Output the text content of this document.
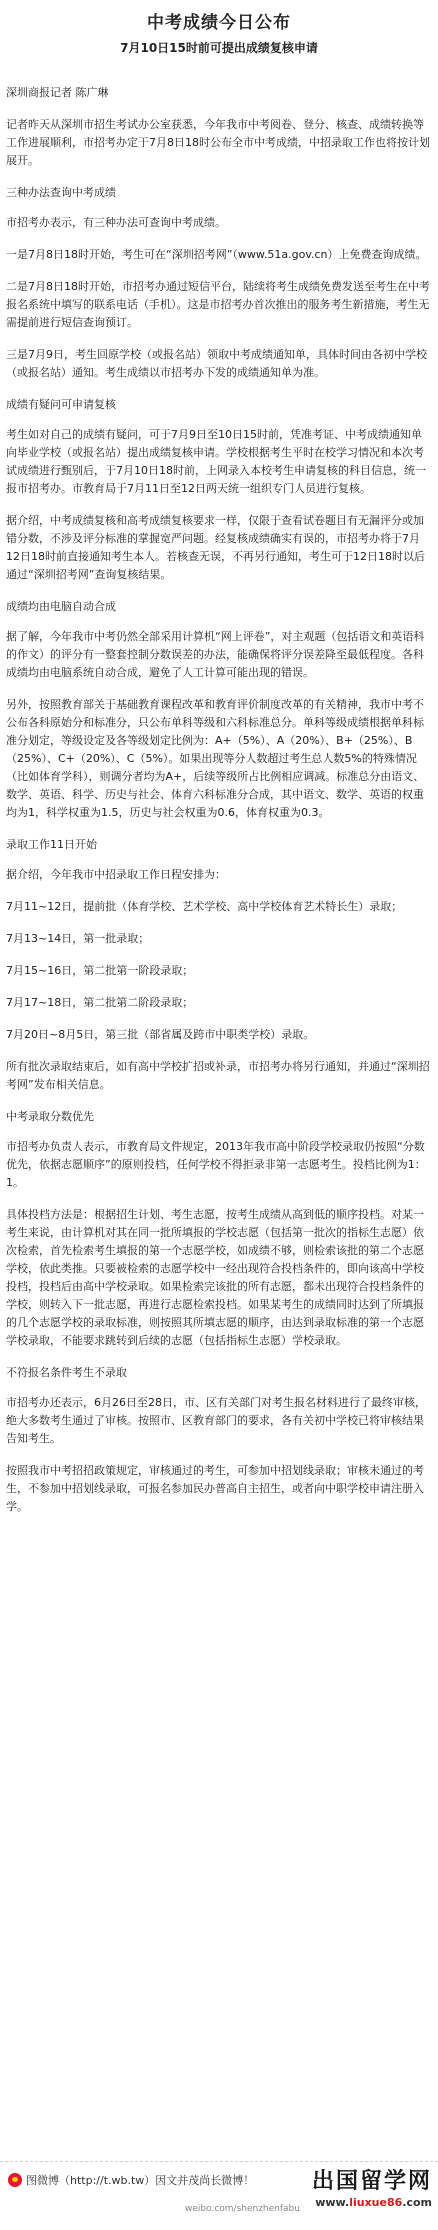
中考成绩今日公布
7月10日15时前可提出成绩复核申请
深圳商报记者 陈广琳
记者昨天从深圳市招生考试办公室获悉，今年我市中考阅卷、登分、核查、成绩转换等工作进展顺利，市招考办定于7月8日18时公布全市中考成绩，中招录取工作也将按计划展开。
三种办法查询中考成绩
市招考办表示，有三种办法可查询中考成绩。
一是7月8日18时开始，考生可在“深圳招考网”（www.51a.gov.cn）上免费查询成绩。
二是7月8日18时开始，市招考办通过短信平台，陆续将考生成绩免费发送至考生在中考报名系统中填写的联系电话（手机）。这是市招考办首次推出的服务考生新措施，考生无需提前进行短信查询预订。
三是7月9日，考生回原学校（或报名站）领取中考成绩通知单，具体时间由各初中学校（或报名站）通知。考生成绩以市招考办下发的成绩通知单为准。
成绩有疑问可申请复核
考生如对自己的成绩有疑问，可于7月9日至10日15时前，凭准考证、中考成绩通知单向毕业学校（或报名站）提出成绩复核申请。学校根据考生平时在校学习情况和本次考试成绩进行甄别后，于7月10日18时前，上网录入本校考生申请复核的科目信息，统一报市招考办。市教育局于7月11日至12日两天统一组织专门人员进行复核。
据介绍，中考成绩复核和高考成绩复核要求一样，仅限于查看试卷题目有无漏评分或加错分数，不涉及评分标准的掌握宽严问题。经复核成绩确实有误的，市招考办将于7月12日18时前直接通知考生本人。若核查无误，不再另行通知，考生可于12日18时以后通过“深圳招考网”查询复核结果。
成绩均由电脑自动合成
据了解，今年我市中考仍然全部采用计算机“网上评卷”，对主观题（包括语文和英语科的作文）的评分有一整套控制分数误差的办法，能确保将评分误差降至最低程度。各科成绩均由电脑系统自动合成，避免了人工计算可能出现的错误。
另外，按照教育部关于基础教育课程改革和教育评价制度改革的有关精神，我市中考不公布各科原始分和标准分，只公布单科等级和六科标准总分。单科等级成绩根据单科标准分划定，等级设定及各等级划定比例为：A+（5%）、A（20%）、B+（25%）、B（25%）、C+（20%）、C（5%）。如果出现等分人数超过考生总人数5%的特殊情况（比如体育学科），则调分者均为A+，后续等级所占比例相应调减。标准总分由语文、数学、英语、科学、历史与社会、体育六科标准分合成，其中语文、数学、英语的权重均为1，科学权重为1.5，历史与社会权重为0.6，体育权重为0.3。
录取工作11日开始
据介绍，今年我市中招录取工作日程安排为：
7月11~12日，提前批（体育学校、艺术学校、高中学校体育艺术特长生）录取；
7月13~14日，第一批录取；
7月15~16日，第二批第一阶段录取；
7月17~18日，第二批第二阶段录取；
7月20日~8月5日，第三批（部省属及跨市中职类学校）录取。
所有批次录取结束后，如有高中学校扩招或补录，市招考办将另行通知，并通过“深圳招考网”发布相关信息。
中考录取分数优先
市招考办负责人表示，市教育局文件规定，2013年我市高中阶段学校录取仍按照“分数优先，依据志愿顺序”的原则投档，任何学校不得拒录非第一志愿考生。投档比例为1：1。
具体投档方法是：根据招生计划、考生志愿，按考生成绩从高到低的顺序投档。对某一考生来说，由计算机对其在同一批所填报的学校志愿（包括第一批次的指标生志愿）依次检索，首先检索考生填报的第一个志愿学校，如成绩不够，则检索该批的第二个志愿学校，依此类推。只要被检索的志愿学校中一经出现符合投档条件的，即向该高中学校投档，投档后由高中学校录取。如果检索完该批的所有志愿，都未出现符合投档条件的学校，则转入下一批志愿，再进行志愿检索投档。如果某考生的成绩同时达到了所填报的几个志愿学校的录取标准，则按照其所填志愿的顺序，由达到录取标准的第一个志愿学校录取，不能要求跳转到后续的志愿（包括指标生志愿）学校录取。
不符报名条件考生不录取
市招考办还表示，6月26日至28日，市、区有关部门对考生报名材料进行了最终审核，绝大多数考生通过了审核。按照市、区教育部门的要求，各有关初中学校已将审核结果告知考生。
按照我市中考招招政策规定，审核通过的考生，可参加中招划线录取；审核未通过的考生，不参加中招划线录取，可报名参加民办普高自主招生，或者向中职学校申请注册入学。
图微博（http://t.wb.tw）因文并茂尚长微博！
weibo.com/shenzhenfabu
出国留学网
www.liuxue86.com
